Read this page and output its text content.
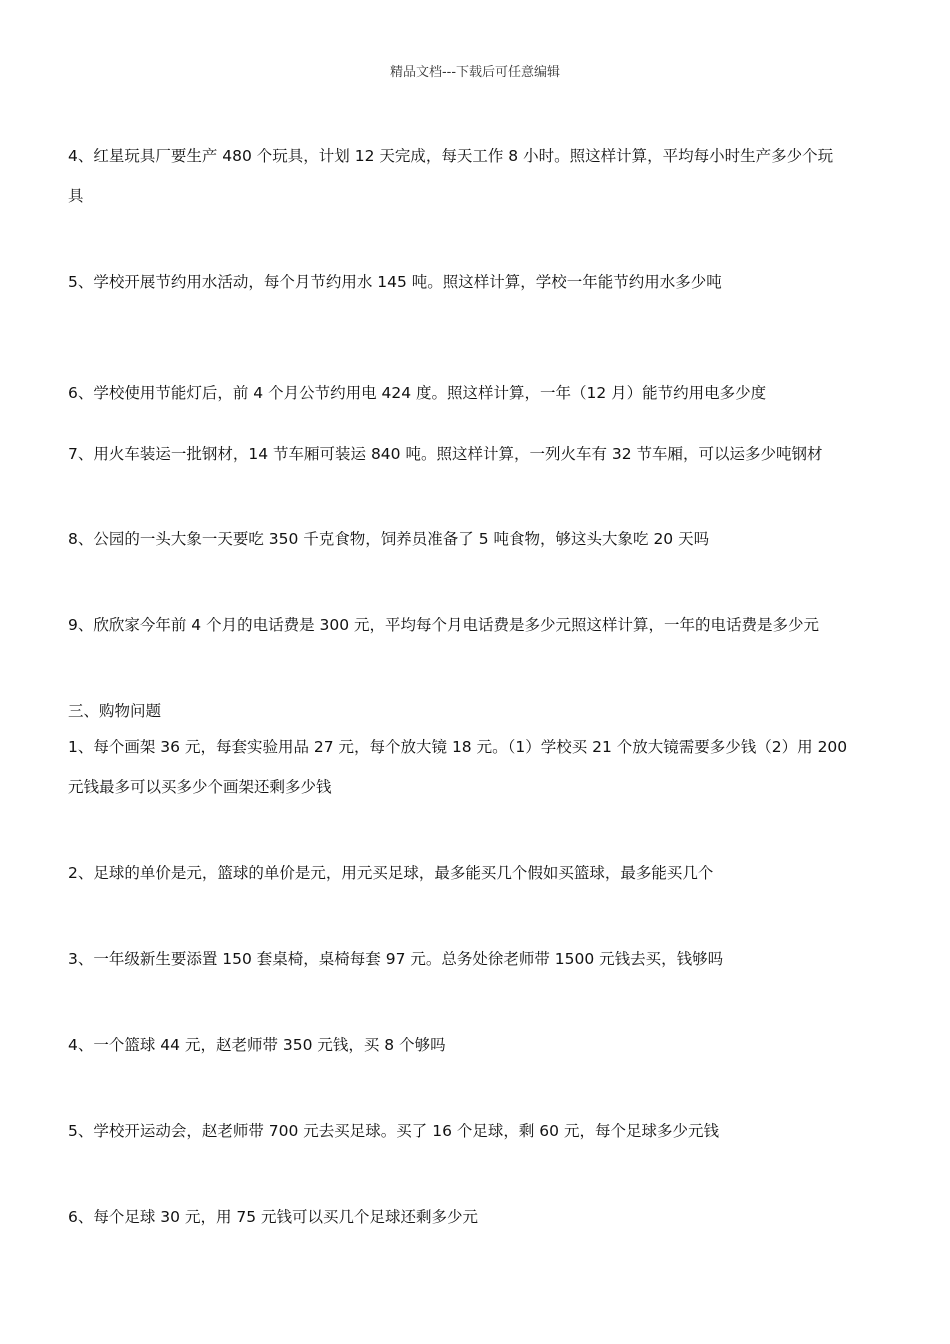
精品文档---下载后可任意编辑
4、红星玩具厂要生产 480 个玩具，计划 12 天完成，每天工作 8 小时。照这样计算，平均每小时生产多少个玩
具
5、学校开展节约用水活动，每个月节约用水 145 吨。照这样计算，学校一年能节约用水多少吨
6、学校使用节能灯后，前 4 个月公节约用电 424 度。照这样计算，一年（12 月）能节约用电多少度
7、用火车装运一批钢材，14 节车厢可装运 840 吨。照这样计算，一列火车有 32 节车厢，可以运多少吨钢材
8、公园的一头大象一天要吃 350 千克食物，饲养员准备了 5 吨食物，够这头大象吃 20 天吗
9、欣欣家今年前 4 个月的电话费是 300 元，平均每个月电话费是多少元照这样计算，一年的电话费是多少元
三、购物问题
1、每个画架 36 元，每套实验用品 27 元，每个放大镜 18 元。（1）学校买 21 个放大镜需要多少钱（2）用 200
元钱最多可以买多少个画架还剩多少钱
2、足球的单价是元，篮球的单价是元，用元买足球，最多能买几个假如买篮球，最多能买几个
3、一年级新生要添置 150 套桌椅，桌椅每套 97 元。总务处徐老师带 1500 元钱去买，钱够吗
4、一个篮球 44 元，赵老师带 350 元钱，买 8 个够吗
5、学校开运动会，赵老师带 700 元去买足球。买了 16 个足球，剩 60 元，每个足球多少元钱
6、每个足球 30 元，用 75 元钱可以买几个足球还剩多少元
